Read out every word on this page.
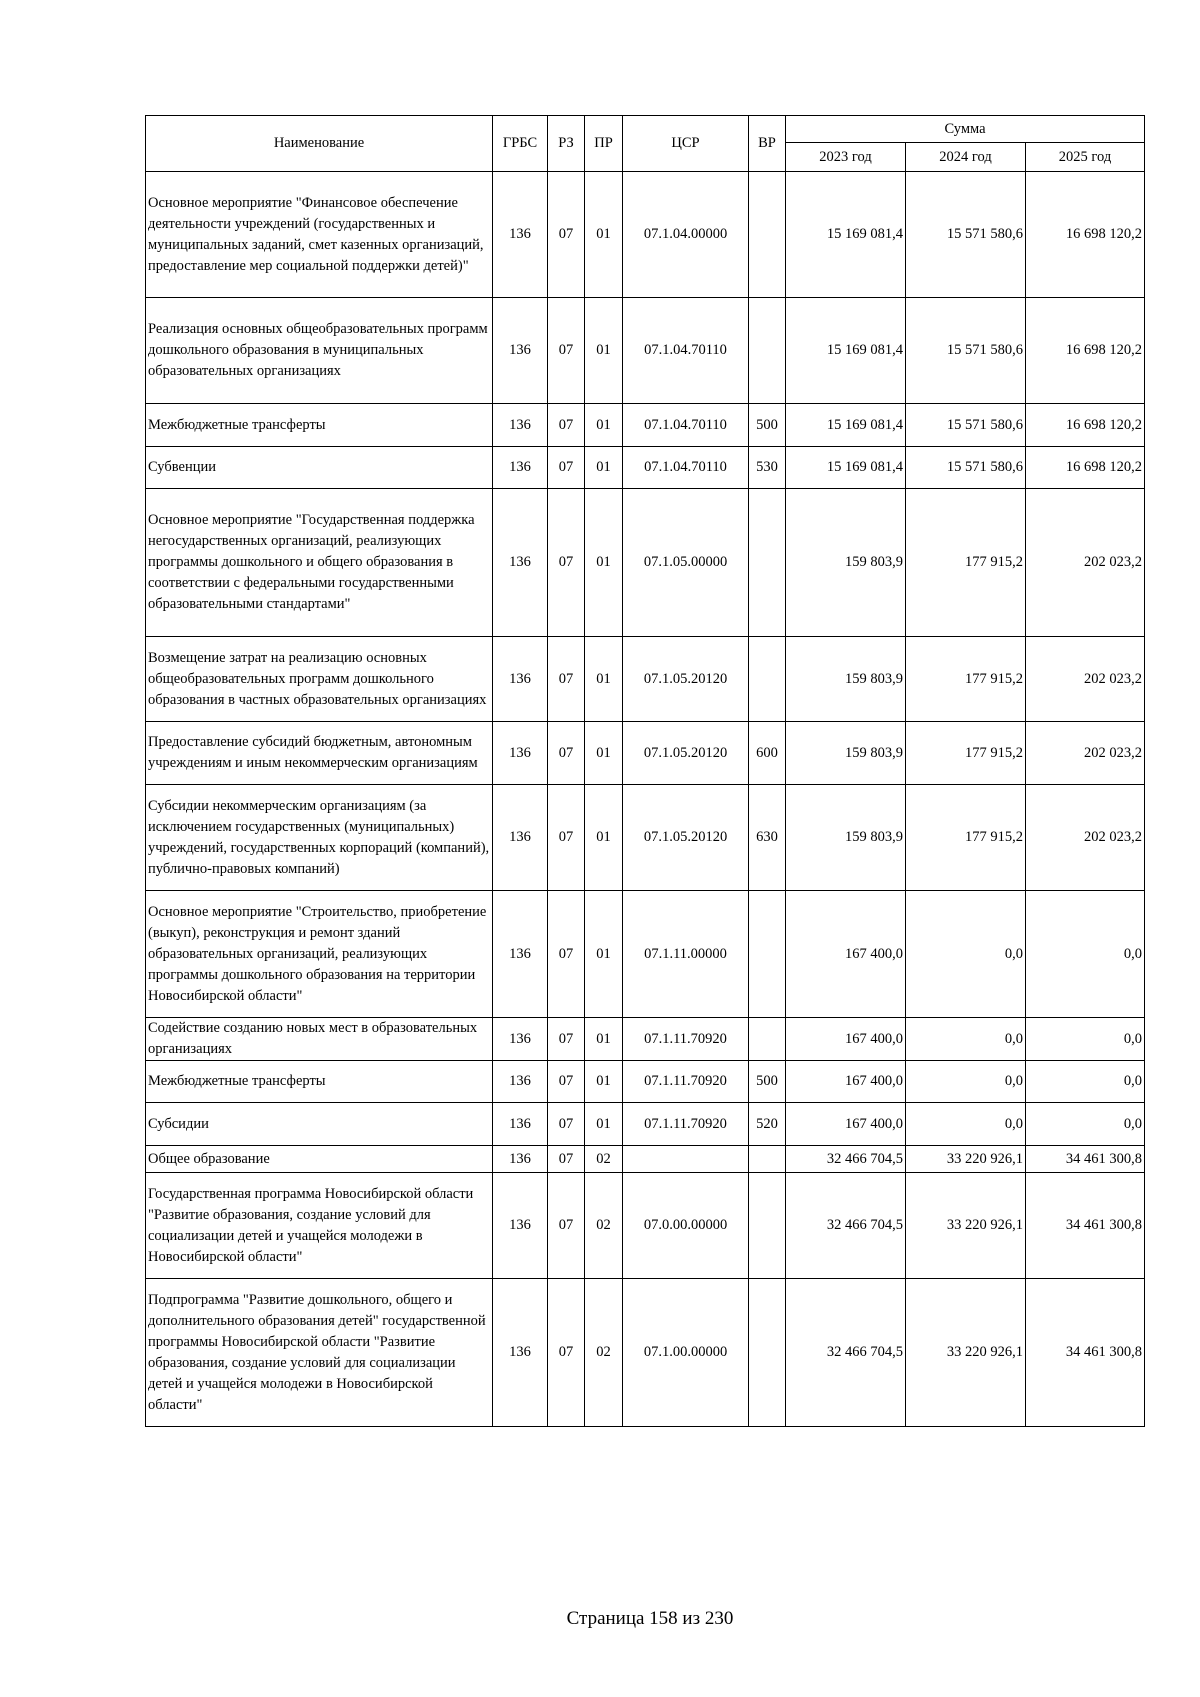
Наименование	ГРБС	РЗ	ПР	ЦСР	ВР	Сумма		
						2023 год	2024 год	2025 год
Основное мероприятие "Финансовое обеспечение деятельности учреждений (государственных и муниципальных заданий, смет казенных организаций, предоставление мер социальной поддержки детей)"	136	07	01	07.1.04.00000		15 169 081,4	15 571 580,6	16 698 120,2
Реализация основных общеобразовательных программ дошкольного образования в муниципальных образовательных организациях	136	07	01	07.1.04.70110		15 169 081,4	15 571 580,6	16 698 120,2
Межбюджетные трансферты	136	07	01	07.1.04.70110	500	15 169 081,4	15 571 580,6	16 698 120,2
Субвенции	136	07	01	07.1.04.70110	530	15 169 081,4	15 571 580,6	16 698 120,2
Основное мероприятие "Государственная поддержка негосударственных организаций, реализующих программы дошкольного и общего образования в соответствии с федеральными государственными образовательными стандартами"	136	07	01	07.1.05.00000		159 803,9	177 915,2	202 023,2
Возмещение затрат на реализацию основных общеобразовательных программ дошкольного образования в частных образовательных организациях	136	07	01	07.1.05.20120		159 803,9	177 915,2	202 023,2
Предоставление субсидий бюджетным, автономным учреждениям и иным некоммерческим организациям	136	07	01	07.1.05.20120	600	159 803,9	177 915,2	202 023,2
Субсидии некоммерческим организациям (за исключением государственных (муниципальных) учреждений, государственных корпораций (компаний), публично-правовых компаний)	136	07	01	07.1.05.20120	630	159 803,9	177 915,2	202 023,2
Основное мероприятие "Строительство, приобретение (выкуп), реконструкция и ремонт зданий образовательных организаций, реализующих программы дошкольного образования на территории Новосибирской области"	136	07	01	07.1.11.00000		167 400,0	0,0	0,0
Содействие созданию новых мест в образовательных организациях	136	07	01	07.1.11.70920		167 400,0	0,0	0,0
Межбюджетные трансферты	136	07	01	07.1.11.70920	500	167 400,0	0,0	0,0
Субсидии	136	07	01	07.1.11.70920	520	167 400,0	0,0	0,0
Общее образование	136	07	02			32 466 704,5	33 220 926,1	34 461 300,8
Государственная программа Новосибирской области "Развитие образования, создание условий для социализации детей и учащейся молодежи в Новосибирской области"	136	07	02	07.0.00.00000		32 466 704,5	33 220 926,1	34 461 300,8
Подпрограмма "Развитие дошкольного, общего и дополнительного образования детей" государственной программы Новосибирской области "Развитие образования, создание условий для социализации детей и учащейся молодежи в Новосибирской области"	136	07	02	07.1.00.00000		32 466 704,5	33 220 926,1	34 461 300,8
Страница 158 из 230
